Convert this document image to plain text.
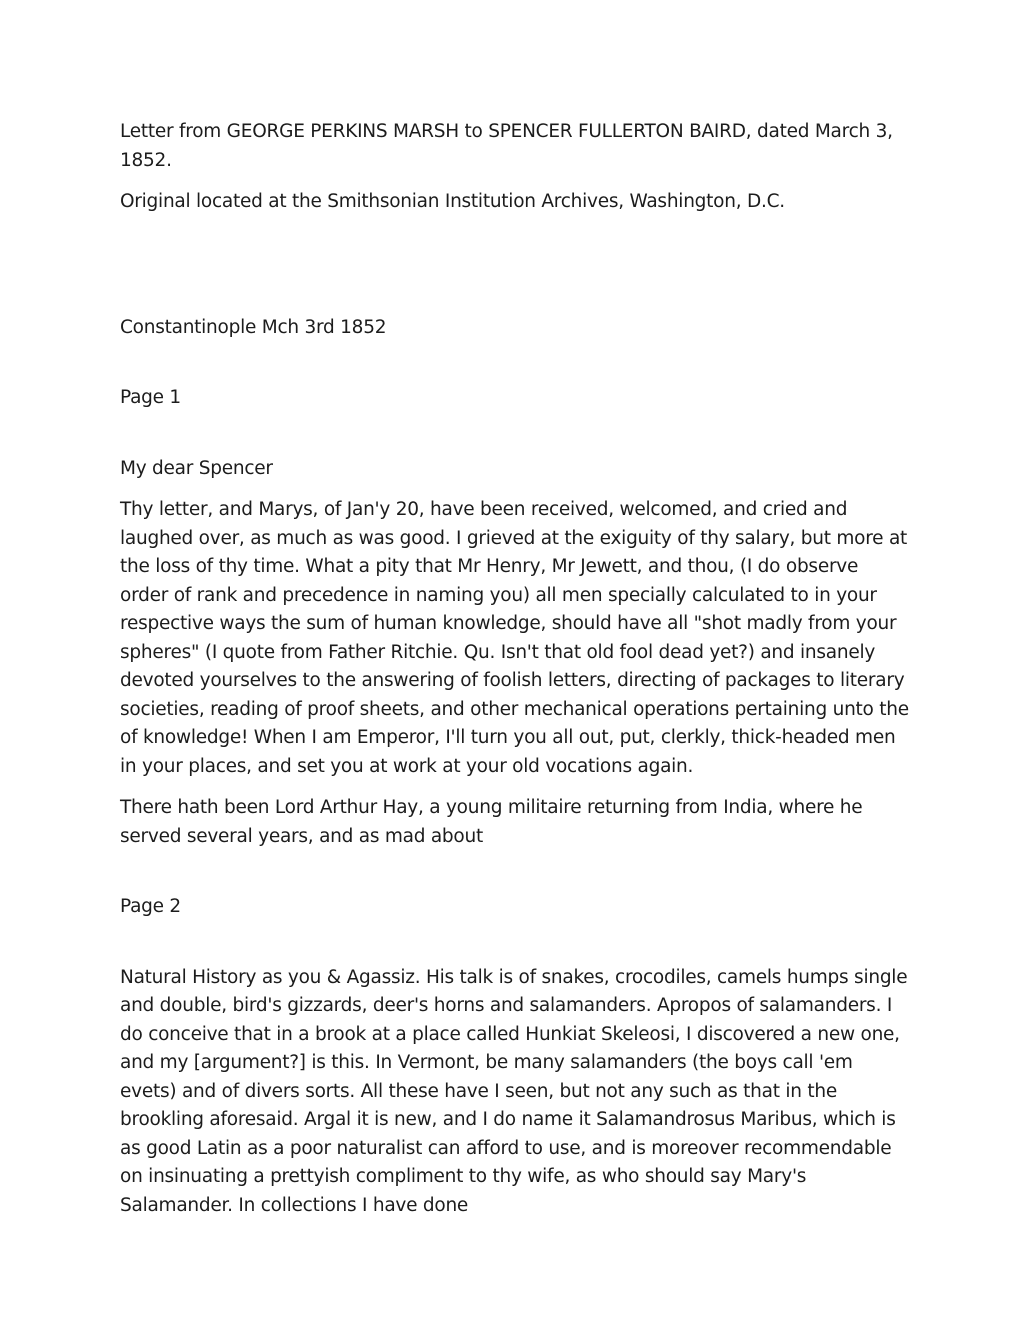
Letter from GEORGE PERKINS MARSH to SPENCER FULLERTON BAIRD, dated March 3, 1852.

Original located at the Smithsonian Institution Archives, Washington, D.C.

Constantinople Mch 3rd 1852

Page 1

My dear Spencer

Thy letter, and Marys, of Jan'y 20, have been received, welcomed, and cried and laughed over, as much as was good. I grieved at the exiguity of thy salary, but more at the loss of thy time. What a pity that Mr Henry, Mr Jewett, and thou, (I do observe order of rank and precedence in naming you) all men specially calculated to in your respective ways the sum of human knowledge, should have all "shot madly from your spheres" (I quote from Father Ritchie. Qu. Isn't that old fool dead yet?) and insanely devoted yourselves to the answering of foolish letters, directing of packages to literary societies, reading of proof sheets, and other mechanical operations pertaining unto the of knowledge! When I am Emperor, I'll turn you all out, put, clerkly, thick-headed men in your places, and set you at work at your old vocations again.

There hath been Lord Arthur Hay, a young militaire returning from India, where he served several years, and as mad about

Page 2

Natural History as you & Agassiz. His talk is of snakes, crocodiles, camels humps single and double, bird's gizzards, deer's horns and salamanders. Apropos of salamanders. I do conceive that in a brook at a place called Hunkiat Skeleosi, I discovered a new one, and my [argument?] is this. In Vermont, be many salamanders (the boys call 'em evets) and of divers sorts. All these have I seen, but not any such as that in the brookling aforesaid. Argal it is new, and I do name it Salamandrosus Maribus, which is as good Latin as a poor naturalist can afford to use, and is moreover recommendable on insinuating a prettyish compliment to thy wife, as who should say Mary's Salamander. In collections I have done
